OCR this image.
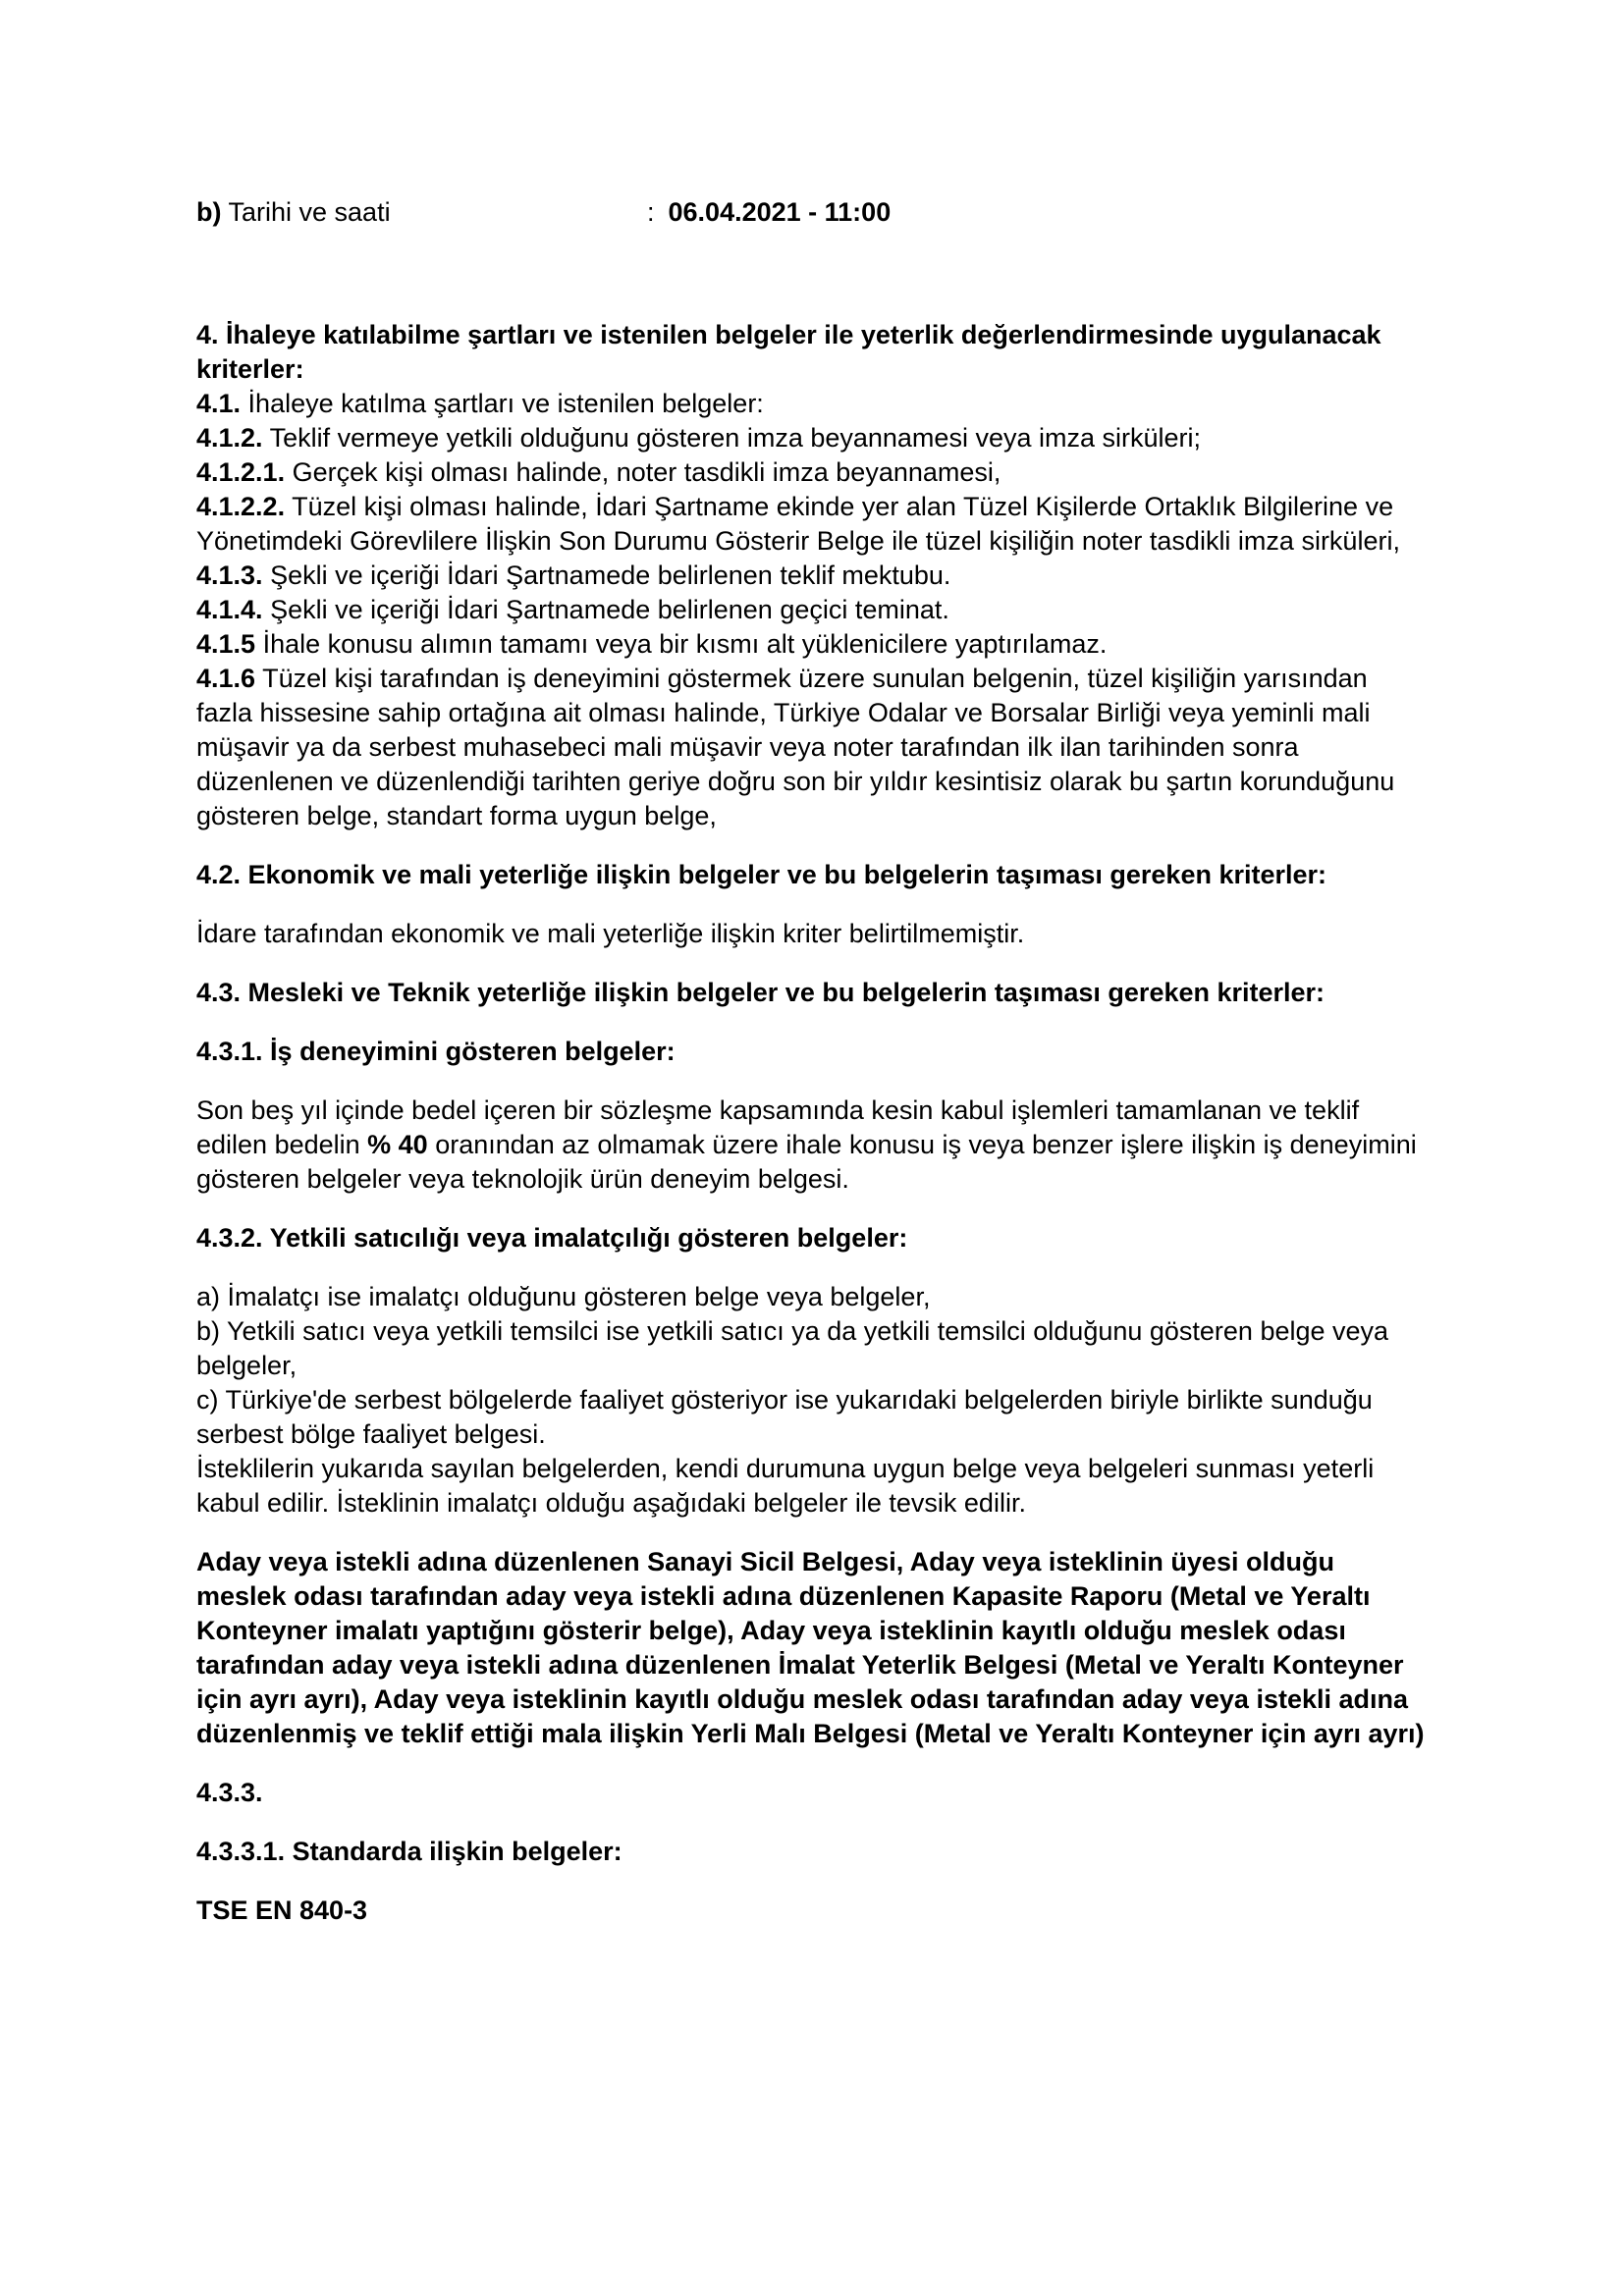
b) Tarihi ve saati	: 06.04.2021 - 11:00

4. İhaleye katılabilme şartları ve istenilen belgeler ile yeterlik değerlendirmesinde uygulanacak kriterler:

4.1. İhaleye katılma şartları ve istenilen belgeler:

4.1.2. Teklif vermeye yetkili olduğunu gösteren imza beyannamesi veya imza sirküleri;

4.1.2.1. Gerçek kişi olması halinde, noter tasdikli imza beyannamesi,

4.1.2.2. Tüzel kişi olması halinde, İdari Şartname ekinde yer alan Tüzel Kişilerde Ortaklık Bilgilerine ve Yönetimdeki Görevlilere İlişkin Son Durumu Gösterir Belge ile tüzel kişiliğin noter tasdikli imza sirküleri,

4.1.3. Şekli ve içeriği İdari Şartnamede belirlenen teklif mektubu.

4.1.4. Şekli ve içeriği İdari Şartnamede belirlenen geçici teminat.

4.1.5 İhale konusu alımın tamamı veya bir kısmı alt yüklenicilere yaptırılamaz.

4.1.6 Tüzel kişi tarafından iş deneyimini göstermek üzere sunulan belgenin, tüzel kişiliğin yarısından fazla hissesine sahip ortağına ait olması halinde, Türkiye Odalar ve Borsalar Birliği veya yeminli mali müşavir ya da serbest muhasebeci mali müşavir veya noter tarafından ilk ilan tarihinden sonra düzenlenen ve düzenlendiği tarihten geriye doğru son bir yıldır kesintisiz olarak bu şartın korunduğunu gösteren belge, standart forma uygun belge,

4.2. Ekonomik ve mali yeterliğe ilişkin belgeler ve bu belgelerin taşıması gereken kriterler:

İdare tarafından ekonomik ve mali yeterliğe ilişkin kriter belirtilmemiştir.

4.3. Mesleki ve Teknik yeterliğe ilişkin belgeler ve bu belgelerin taşıması gereken kriterler:

4.3.1. İş deneyimini gösteren belgeler:

Son beş yıl içinde bedel içeren bir sözleşme kapsamında kesin kabul işlemleri tamamlanan ve teklif edilen bedelin % 40 oranından az olmamak üzere ihale konusu iş veya benzer işlere ilişkin iş deneyimini gösteren belgeler veya teknolojik ürün deneyim belgesi.

4.3.2. Yetkili satıcılığı veya imalatçılığı gösteren belgeler:

a) İmalatçı ise imalatçı olduğunu gösteren belge veya belgeler,

b) Yetkili satıcı veya yetkili temsilci ise yetkili satıcı ya da yetkili temsilci olduğunu gösteren belge veya belgeler,

c) Türkiye'de serbest bölgelerde faaliyet gösteriyor ise yukarıdaki belgelerden biriyle birlikte sunduğu serbest bölge faaliyet belgesi.

İsteklilerin yukarıda sayılan belgelerden, kendi durumuna uygun belge veya belgeleri sunması yeterli kabul edilir. İsteklinin imalatçı olduğu aşağıdaki belgeler ile tevsik edilir.

Aday veya istekli adına düzenlenen Sanayi Sicil Belgesi, Aday veya isteklinin üyesi olduğu meslek odası tarafından aday veya istekli adına düzenlenen Kapasite Raporu (Metal ve Yeraltı Konteyner imalatı yaptığını gösterir belge), Aday veya isteklinin kayıtlı olduğu meslek odası tarafından aday veya istekli adına düzenlenen İmalat Yeterlik Belgesi (Metal ve Yeraltı Konteyner için ayrı ayrı), Aday veya isteklinin kayıtlı olduğu meslek odası tarafından aday veya istekli adına düzenlenmiş ve teklif ettiği mala ilişkin Yerli Malı Belgesi (Metal ve Yeraltı Konteyner için ayrı ayrı)

4.3.3.

4.3.3.1. Standarda ilişkin belgeler:

TSE EN 840-3
